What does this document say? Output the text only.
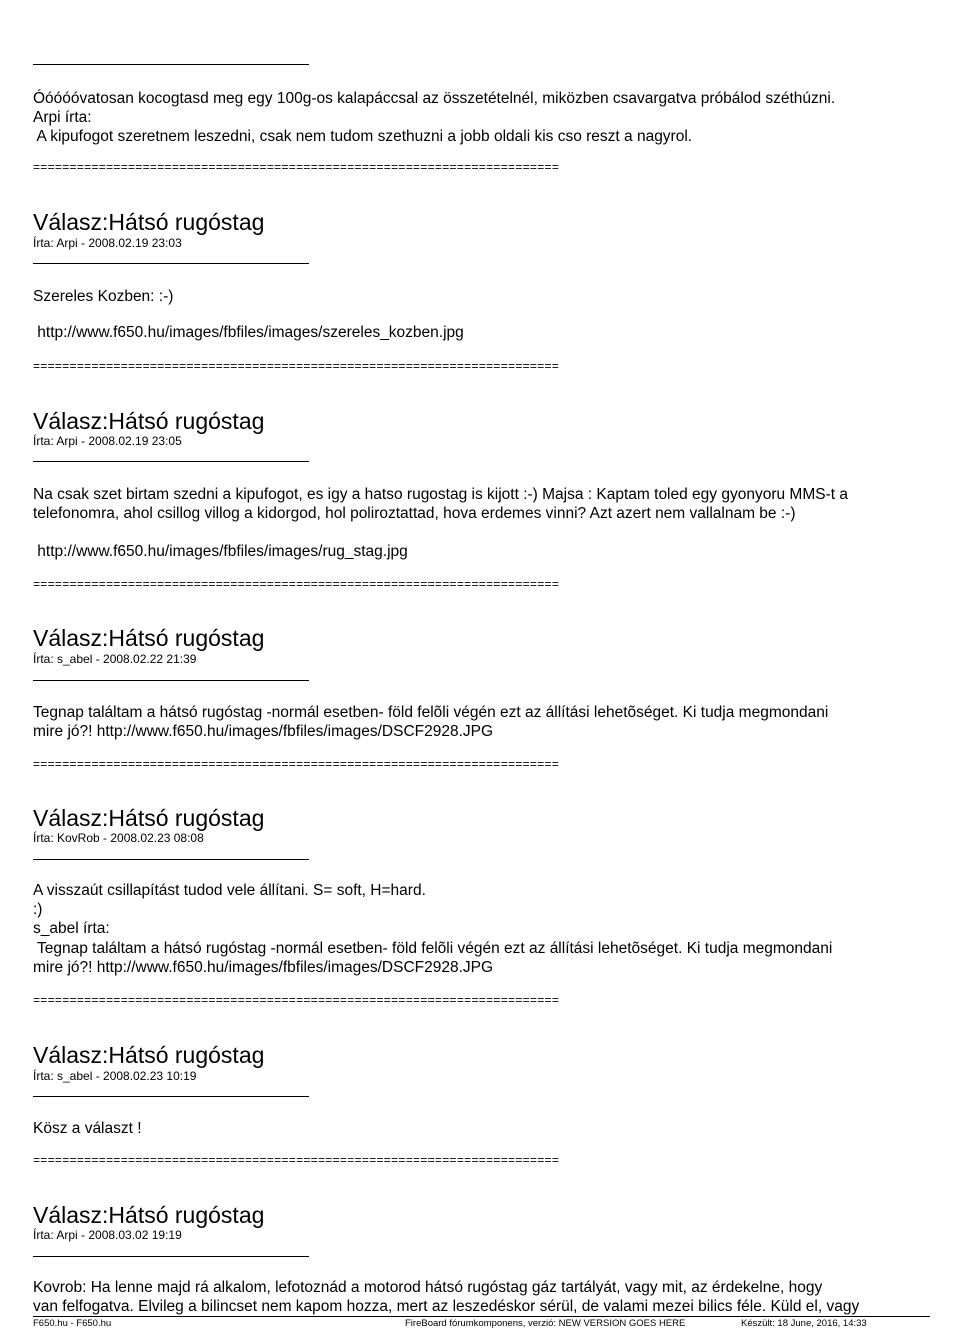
Óóóóóvatosan kocogtasd meg egy 100g-os kalapáccsal az összetételnél, miközben csavargatva próbálod széthúzni.
Arpi írta:
A kipufogot szeretnem leszedni, csak nem tudom szethuzni a jobb oldali kis cso reszt a nagyrol.
========================================================================
Válasz:Hátsó rugóstag
Írta: Arpi - 2008.02.19 23:03
Szereles Kozben: :-)
http://www.f650.hu/images/fbfiles/images/szereles_kozben.jpg
========================================================================
Válasz:Hátsó rugóstag
Írta: Arpi - 2008.02.19 23:05
Na csak szet birtam szedni a kipufogot, es igy a hatso rugostag is kijott :-) Majsa : Kaptam toled egy gyonyoru MMS-t a
telefonomra, ahol csillog villog a kidorgod, hol poliroztattad, hova erdemes vinni? Azt azert nem vallalnam be :-)
http://www.f650.hu/images/fbfiles/images/rug_stag.jpg
========================================================================
Válasz:Hátsó rugóstag
Írta: s_abel - 2008.02.22 21:39
Tegnap találtam a hátsó rugóstag -normál esetben- föld felõli végén ezt az állítási lehetõséget. Ki tudja megmondani
mire jó?! http://www.f650.hu/images/fbfiles/images/DSCF2928.JPG
========================================================================
Válasz:Hátsó rugóstag
Írta: KovRob - 2008.02.23 08:08
A visszaút csillapítást tudod vele állítani. S= soft, H=hard.
:)
s_abel írta:
Tegnap találtam a hátsó rugóstag -normál esetben- föld felõli végén ezt az állítási lehetõséget. Ki tudja megmondani
mire jó?! http://www.f650.hu/images/fbfiles/images/DSCF2928.JPG
========================================================================
Válasz:Hátsó rugóstag
Írta: s_abel - 2008.02.23 10:19
Kösz a választ !
========================================================================
Válasz:Hátsó rugóstag
Írta: Arpi - 2008.03.02 19:19
Kovrob: Ha lenne majd rá alkalom, lefotoznád a motorod hátsó rugóstag gáz tartályát, vagy mit, az érdekelne, hogy
van felfogatva. Elvileg a bilincset nem kapom hozza, mert az leszedéskor sérül, de valami mezei bilics féle. Küld el, vagy
F650.hu - F650.hu	FireBoard fórumkomponens, verzió: NEW VERSION GOES HERE	Készült: 18 June, 2016, 14:33
